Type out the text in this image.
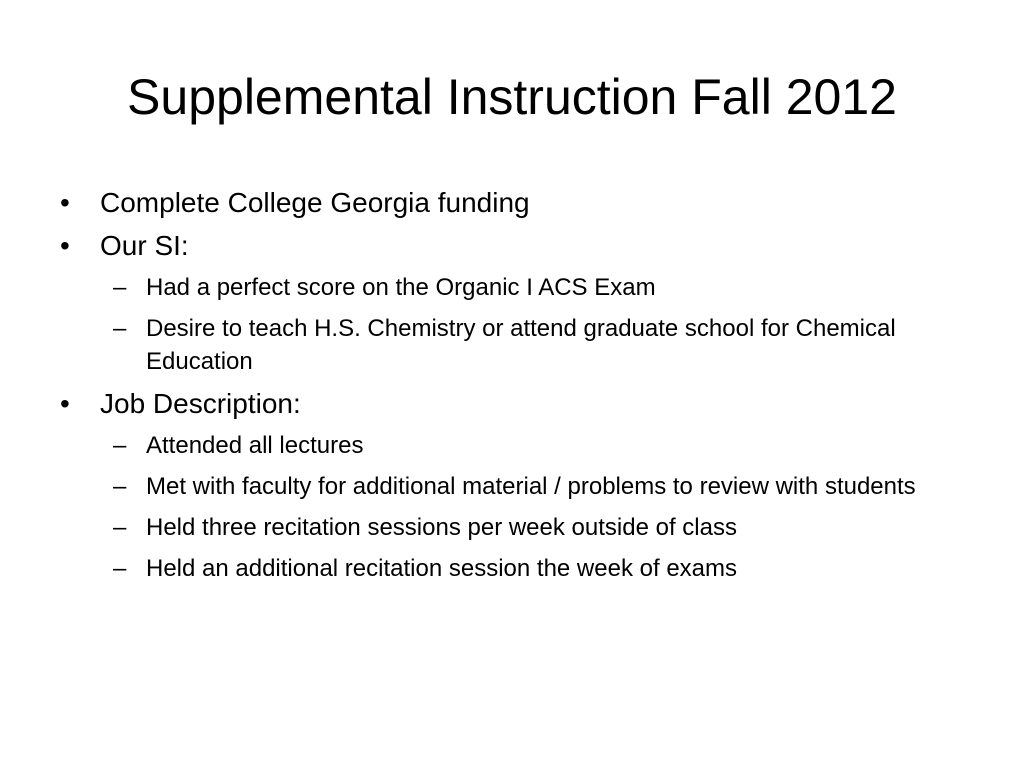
Supplemental Instruction Fall 2012
• Complete College Georgia funding
• Our SI:
– Had a perfect score on the Organic I ACS Exam
– Desire to teach H.S. Chemistry or attend graduate school for Chemical Education
• Job Description:
– Attended all lectures
– Met with faculty for additional material / problems to review with students
– Held three recitation sessions per week outside of class
– Held an additional recitation session the week of exams
